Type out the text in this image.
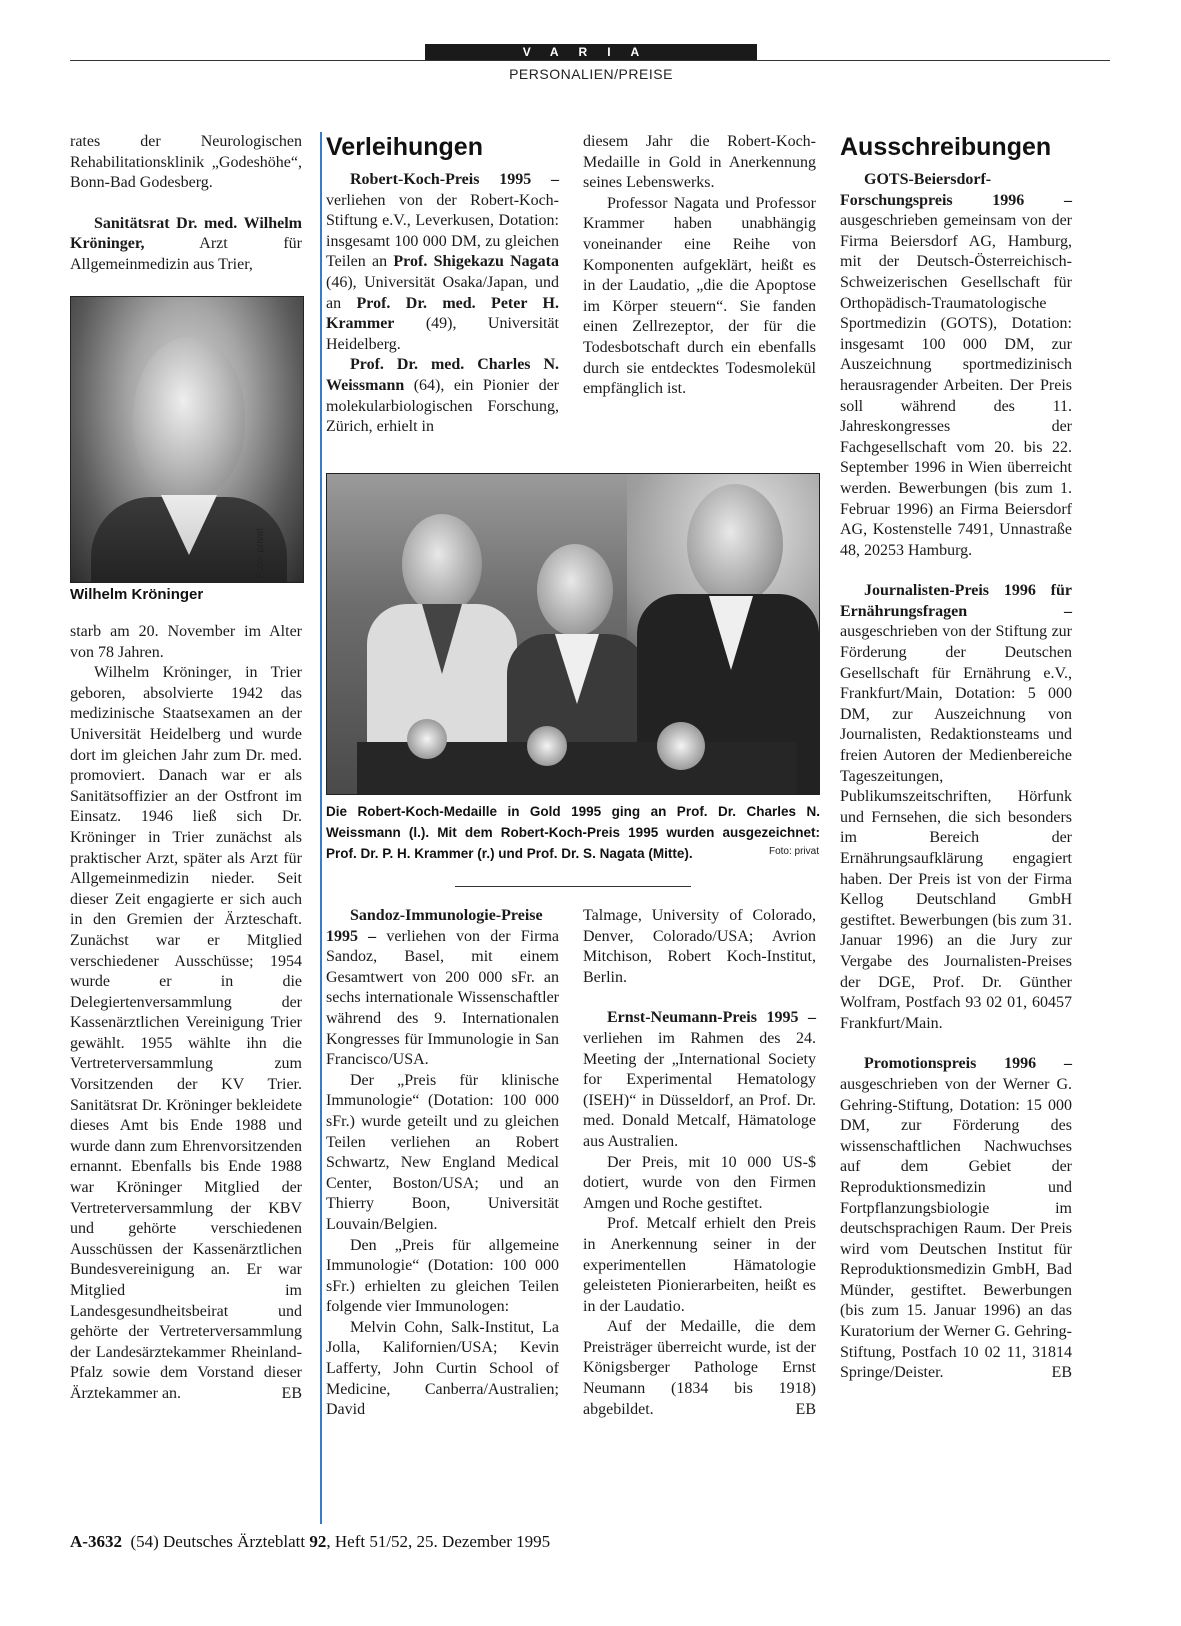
VARIA
PERSONALIEN/PREISE

rates der Neurologischen Rehabilitationsklinik „Godeshöhe“, Bonn-Bad Godesberg.

Sanitätsrat Dr. med. Wilhelm Kröninger, Arzt für Allgemeinmedizin aus Trier,

Foto: privat
Wilhelm Kröninger

starb am 20. November im Alter von 78 Jahren.

Wilhelm Kröninger, in Trier geboren, absolvierte 1942 das medizinische Staatsexamen an der Universität Heidelberg und wurde dort im gleichen Jahr zum Dr. med. promoviert. Danach war er als Sanitätsoffizier an der Ostfront im Einsatz. 1946 ließ sich Dr. Kröninger in Trier zunächst als praktischer Arzt, später als Arzt für Allgemeinmedizin nieder. Seit dieser Zeit engagierte er sich auch in den Gremien der Ärzteschaft. Zunächst war er Mitglied verschiedener Ausschüsse; 1954 wurde er in die Delegiertenversammlung der Kassenärztlichen Vereinigung Trier gewählt. 1955 wählte ihn die Vertreterversammlung zum Vorsitzenden der KV Trier. Sanitätsrat Dr. Kröninger bekleidete dieses Amt bis Ende 1988 und wurde dann zum Ehrenvorsitzenden ernannt. Ebenfalls bis Ende 1988 war Kröninger Mitglied der Vertreterversammlung der KBV und gehörte verschiedenen Ausschüssen der Kassenärztlichen Bundesvereinigung an. Er war Mitglied im Landesgesundheitsbeirat und gehörte der Vertreterversammlung der Landesärztekammer Rheinland-Pfalz sowie dem Vorstand dieser Ärztekammer an.	EB

Verleihungen

Robert-Koch-Preis 1995 – verliehen von der Robert-Koch-Stiftung e.V., Leverkusen, Dotation: insgesamt 100 000 DM, zu gleichen Teilen an Prof. Shigekazu Nagata (46), Universität Osaka/Japan, und an Prof. Dr. med. Peter H. Krammer (49), Universität Heidelberg.

Prof. Dr. med. Charles N. Weissmann (64), ein Pionier der molekularbiologischen Forschung, Zürich, erhielt in

diesem Jahr die Robert-Koch-Medaille in Gold in Anerkennung seines Lebenswerks.

Professor Nagata und Professor Krammer haben unabhängig voneinander eine Reihe von Komponenten aufgeklärt, heißt es in der Laudatio, „die die Apoptose im Körper steuern“. Sie fanden einen Zellrezeptor, der für die Todesbotschaft durch ein ebenfalls durch sie entdecktes Todesmolekül empfänglich ist.

Die Robert-Koch-Medaille in Gold 1995 ging an Prof. Dr. Charles N. Weissmann (l.). Mit dem Robert-Koch-Preis 1995 wurden ausgezeichnet: Prof. Dr. P. H. Krammer (r.) und Prof. Dr. S. Nagata (Mitte).	Foto: privat

Sandoz-Immunologie-Preise 1995 – verliehen von der Firma Sandoz, Basel, mit einem Gesamtwert von 200 000 sFr. an sechs internationale Wissenschaftler während des 9. Internationalen Kongresses für Immunologie in San Francisco/USA.

Der „Preis für klinische Immunologie“ (Dotation: 100 000 sFr.) wurde geteilt und zu gleichen Teilen verliehen an Robert Schwartz, New England Medical Center, Boston/USA; und an Thierry Boon, Universität Louvain/Belgien.

Den „Preis für allgemeine Immunologie“ (Dotation: 100 000 sFr.) erhielten zu gleichen Teilen folgende vier Immunologen:

Melvin Cohn, Salk-Institut, La Jolla, Kalifornien/USA; Kevin Lafferty, John Curtin School of Medicine, Canberra/Australien; David

Talmage, University of Colorado, Denver, Colorado/USA; Avrion Mitchison, Robert Koch-Institut, Berlin.

Ernst-Neumann-Preis 1995 – verliehen im Rahmen des 24. Meeting der „International Society for Experimental Hematology (ISEH)“ in Düsseldorf, an Prof. Dr. med. Donald Metcalf, Hämatologe aus Australien.

Der Preis, mit 10 000 US-$ dotiert, wurde von den Firmen Amgen und Roche gestiftet.

Prof. Metcalf erhielt den Preis in Anerkennung seiner in der experimentellen Hämatologie geleisteten Pionierarbeiten, heißt es in der Laudatio.

Auf der Medaille, die dem Preisträger überreicht wurde, ist der Königsberger Pathologe Ernst Neumann (1834 bis 1918) abgebildet.	EB

Ausschreibungen

GOTS-Beiersdorf-Forschungspreis 1996 – ausgeschrieben gemeinsam von der Firma Beiersdorf AG, Hamburg, mit der Deutsch-Österreichisch-Schweizerischen Gesellschaft für Orthopädisch-Traumatologische Sportmedizin (GOTS), Dotation: insgesamt 100 000 DM, zur Auszeichnung sportmedizinisch herausragender Arbeiten. Der Preis soll während des 11. Jahreskongresses der Fachgesellschaft vom 20. bis 22. September 1996 in Wien überreicht werden. Bewerbungen (bis zum 1. Februar 1996) an Firma Beiersdorf AG, Kostenstelle 7491, Unnastraße 48, 20253 Hamburg.

Journalisten-Preis 1996 für Ernährungsfragen – ausgeschrieben von der Stiftung zur Förderung der Deutschen Gesellschaft für Ernährung e.V., Frankfurt/Main, Dotation: 5 000 DM, zur Auszeichnung von Journalisten, Redaktionsteams und freien Autoren der Medienbereiche Tageszeitungen, Publikumszeitschriften, Hörfunk und Fernsehen, die sich besonders im Bereich der Ernährungsaufklärung engagiert haben. Der Preis ist von der Firma Kellog Deutschland GmbH gestiftet. Bewerbungen (bis zum 31. Januar 1996) an die Jury zur Vergabe des Journalisten-Preises der DGE, Prof. Dr. Günther Wolfram, Postfach 93 02 01, 60457 Frankfurt/Main.

Promotionspreis 1996 – ausgeschrieben von der Werner G. Gehring-Stiftung, Dotation: 15 000 DM, zur Förderung des wissenschaftlichen Nachwuchses auf dem Gebiet der Reproduktionsmedizin und Fortpflanzungsbiologie im deutschsprachigen Raum. Der Preis wird vom Deutschen Institut für Reproduktionsmedizin GmbH, Bad Münder, gestiftet. Bewerbungen (bis zum 15. Januar 1996) an das Kuratorium der Werner G. Gehring-Stiftung, Postfach 10 02 11, 31814 Springe/Deister.	EB

A-3632  (54) Deutsches Ärzteblatt 92, Heft 51/52, 25. Dezember 1995
